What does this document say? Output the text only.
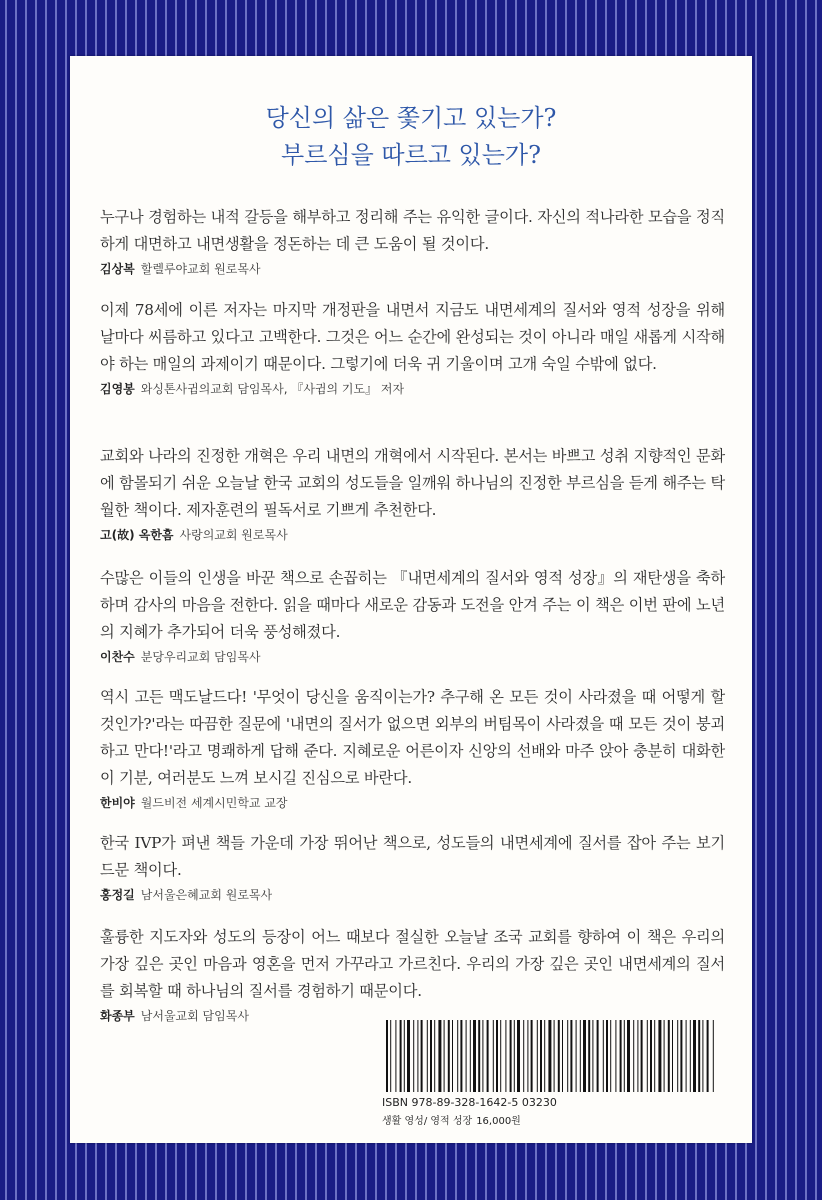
당신의 삶은 쫓기고 있는가?
부르심을 따르고 있는가?

누구나 경험하는 내적 갈등을 해부하고 정리해 주는 유익한 글이다. 자신의 적나라한 모습을 정직하게 대면하고 내면생활을 정돈하는 데 큰 도움이 될 것이다.

김상복 할렐루야교회 원로목사

이제 78세에 이른 저자는 마지막 개정판을 내면서 지금도 내면세계의 질서와 영적 성장을 위해 날마다 씨름하고 있다고 고백한다. 그것은 어느 순간에 완성되는 것이 아니라 매일 새롭게 시작해야 하는 매일의 과제이기 때문이다. 그렇기에 더욱 귀 기울이며 고개 숙일 수밖에 없다.

김영봉 와싱톤사귐의교회 담임목사, 『사귐의 기도』 저자

교회와 나라의 진정한 개혁은 우리 내면의 개혁에서 시작된다. 본서는 바쁘고 성취 지향적인 문화에 함몰되기 쉬운 오늘날 한국 교회의 성도들을 일깨워 하나님의 진정한 부르심을 듣게 해주는 탁월한 책이다. 제자훈련의 필독서로 기쁘게 추천한다.

고(故) 옥한흠 사랑의교회 원로목사

수많은 이들의 인생을 바꾼 책으로 손꼽히는 『내면세계의 질서와 영적 성장』의 재탄생을 축하하며 감사의 마음을 전한다. 읽을 때마다 새로운 감동과 도전을 안겨 주는 이 책은 이번 판에 노년의 지혜가 추가되어 더욱 풍성해졌다.

이찬수 분당우리교회 담임목사

역시 고든 맥도날드다! '무엇이 당신을 움직이는가? 추구해 온 모든 것이 사라졌을 때 어떻게 할 것인가?'라는 따끔한 질문에 '내면의 질서가 없으면 외부의 버팀목이 사라졌을 때 모든 것이 붕괴하고 만다!'라고 명쾌하게 답해 준다. 지혜로운 어른이자 신앙의 선배와 마주 앉아 충분히 대화한 이 기분, 여러분도 느껴 보시길 진심으로 바란다.

한비야 월드비전 세계시민학교 교장

한국 IVP가 펴낸 책들 가운데 가장 뛰어난 책으로, 성도들의 내면세계에 질서를 잡아 주는 보기 드문 책이다.

홍정길 남서울은혜교회 원로목사

훌륭한 지도자와 성도의 등장이 어느 때보다 절실한 오늘날 조국 교회를 향하여 이 책은 우리의 가장 깊은 곳인 마음과 영혼을 먼저 가꾸라고 가르친다. 우리의 가장 깊은 곳인 내면세계의 질서를 회복할 때 하나님의 질서를 경험하기 때문이다.

화종부 남서울교회 담임목사
ISBN 978-89-328-1642-5 03230
생활 영성/ 영적 성장 16,000원
